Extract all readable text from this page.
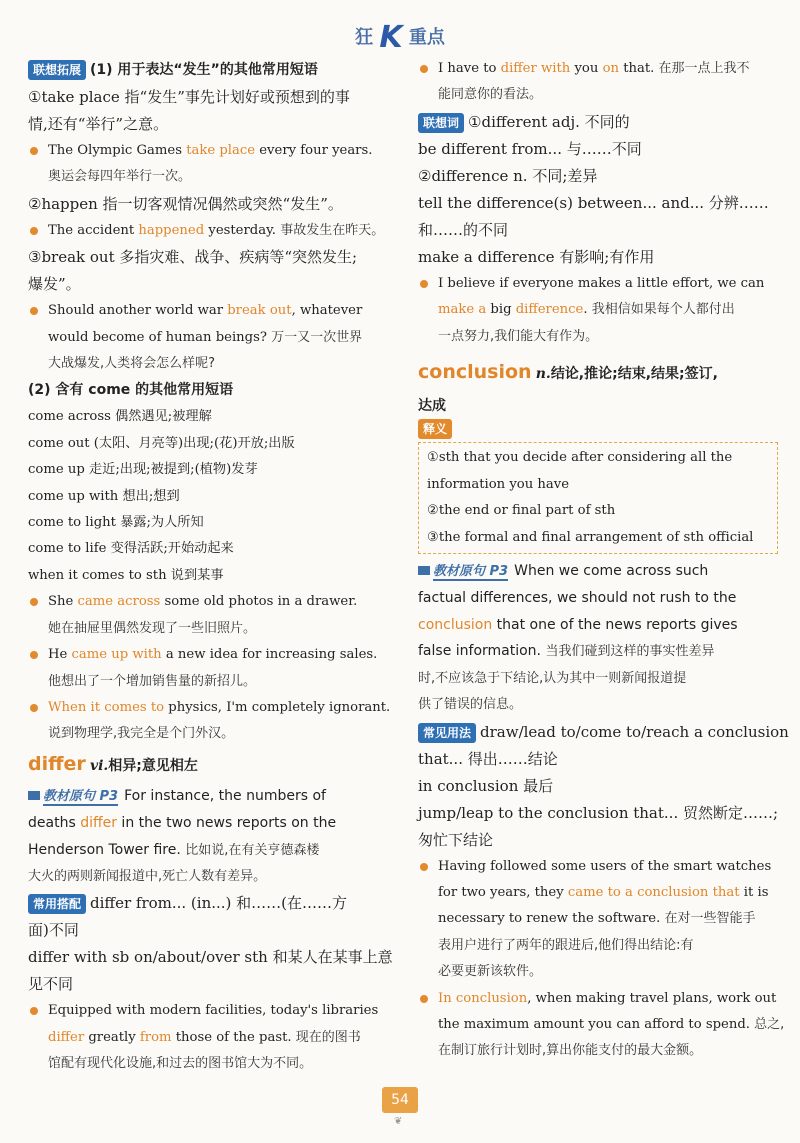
狂 K 重点

联想拓展 (1) 用于表达“发生”的其他常用短语

①take place 指“发生”事先计划好或预想到的事

情,还有“举行”之意。

The Olympic Games take place every four years.

奥运会每四年举行一次。

②happen 指一切客观情况偶然或突然“发生”。

The accident happened yesterday. 事故发生在昨天。

③break out 多指灾难、战争、疾病等“突然发生;

爆发”。

Should another world war break out, whatever

would become of human beings? 万一又一次世界

大战爆发,人类将会怎么样呢?

(2) 含有 come 的其他常用短语

come across 偶然遇见;被理解

come out (太阳、月亮等)出现;(花)开放;出版

come up 走近;出现;被提到;(植物)发芽

come up with 想出;想到

come to light 暴露;为人所知

come to life 变得活跃;开始动起来

when it comes to sth 说到某事

She came across some old photos in a drawer.

她在抽屉里偶然发现了一些旧照片。

He came up with a new idea for increasing sales.

他想出了一个增加销售量的新招儿。

When it comes to physics, I'm completely ignorant.

说到物理学,我完全是个门外汉。

differ vi.相异;意见相左

教材原句 P3 For instance, the numbers of

deaths differ in the two news reports on the

Henderson Tower fire. 比如说,在有关亨德森楼

大火的两则新闻报道中,死亡人数有差异。

常用搭配 differ from... (in...) 和……(在……方

面)不同

differ with sb on/about/over sth 和某人在某事上意

见不同

Equipped with modern facilities, today's libraries

differ greatly from those of the past. 现在的图书

馆配有现代化设施,和过去的图书馆大为不同。

I have to differ with you on that. 在那一点上我不

能同意你的看法。

联想词 ①different adj. 不同的

be different from... 与……不同

②difference n. 不同;差异

tell the difference(s) between... and... 分辨……

和……的不同

make a difference 有影响;有作用

I believe if everyone makes a little effort, we can

make a big difference. 我相信如果每个人都付出

一点努力,我们能大有作为。

conclusion n.结论,推论;结束,结果;签订,

达成

释义

①sth that you decide after considering all the

information you have

②the end or final part of sth

③the formal and final arrangement of sth official

教材原句 P3 When we come across such

factual differences, we should not rush to the

conclusion that one of the news reports gives

false information. 当我们碰到这样的事实性差异

时,不应该急于下结论,认为其中一则新闻报道提

供了错误的信息。

常见用法 draw/lead to/come to/reach a conclusion

that... 得出……结论

in conclusion 最后

jump/leap to the conclusion that... 贸然断定……;

匆忙下结论

Having followed some users of the smart watches

for two years, they came to a conclusion that it is

necessary to renew the software. 在对一些智能手

表用户进行了两年的跟进后,他们得出结论:有

必要更新该软件。

In conclusion, when making travel plans, work out

the maximum amount you can afford to spend. 总之,

在制订旅行计划时,算出你能支付的最大金额。

54
❦
